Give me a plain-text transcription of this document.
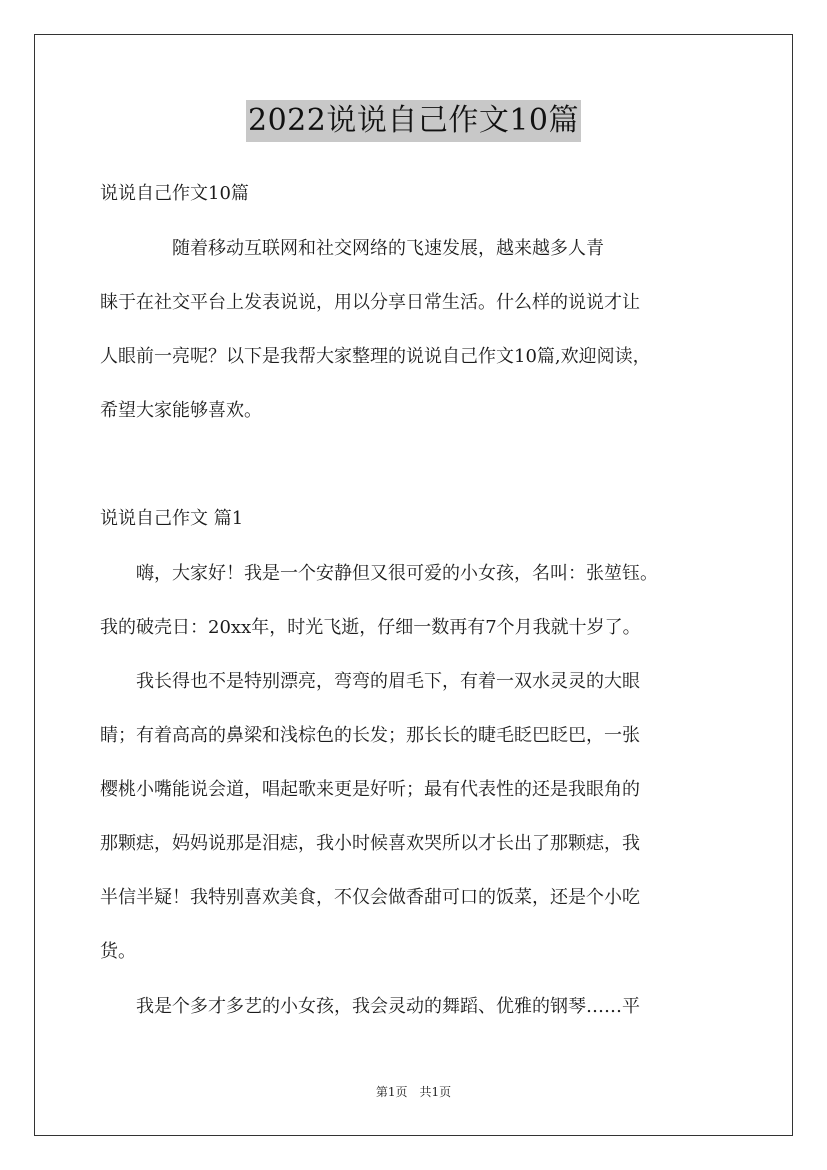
2022说说自己作文10篇
说说自己作文10篇
　　　　随着移动互联网和社交网络的飞速发展，越来越多人青
睐于在社交平台上发表说说，用以分享日常生活。什么样的说说才让
人眼前一亮呢？以下是我帮大家整理的说说自己作文10篇,欢迎阅读，
希望大家能够喜欢。
说说自己作文 篇1
　　嗨，大家好！我是一个安静但又很可爱的小女孩，名叫：张堃钰。
我的破壳日：20xx年，时光飞逝，仔细一数再有7个月我就十岁了。
　　我长得也不是特别漂亮，弯弯的眉毛下，有着一双水灵灵的大眼
睛；有着高高的鼻梁和浅棕色的长发；那长长的睫毛眨巴眨巴，一张
樱桃小嘴能说会道，唱起歌来更是好听；最有代表性的还是我眼角的
那颗痣，妈妈说那是泪痣，我小时候喜欢哭所以才长出了那颗痣，我
半信半疑！我特别喜欢美食，不仅会做香甜可口的饭菜，还是个小吃
货。
　　我是个多才多艺的小女孩，我会灵动的舞蹈、优雅的钢琴……平
第1页　共1页
